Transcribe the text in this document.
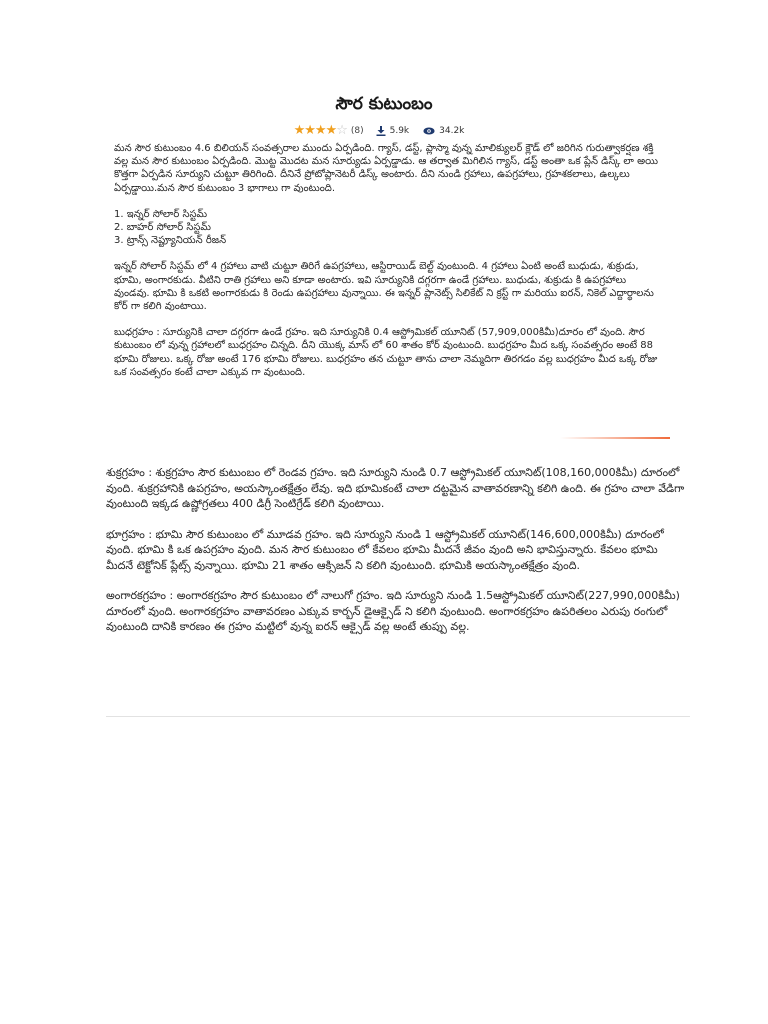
సౌర కుటుంబం
★★★★☆ (8)	5.9k	34.2k

మన సౌర కుటుంబం 4.6 బిలియన్ సంవత్సరాల ముందు ఏర్పడింది. గ్యాస్, డస్ట్, ప్లాస్మా వున్న మాలిక్యులర్ క్లౌడ్ లో జరిగిన గురుత్వాకర్షణ శక్తి వల్ల మన సౌర కుటుంబం ఏర్పడింది. మొట్ట మొదట మన సూర్యుడు ఏర్పడ్డాడు. ఆ తర్వాత మిగిలిన గ్యాస్, డస్ట్ అంతా ఒక ప్లేన్ డిస్క్ లా అయి కొత్తగా ఏర్పడిన సూర్యుని చుట్టూ తిరిగింది. దీనినే ప్రోటోప్లానెటరీ డిస్క్ అంటారు. దీని నుండి గ్రహాలు, ఉపగ్రహాలు, గ్రహశకలాలు, ఉల్కలు ఏర్పడ్డాయి.మన సౌర కుటుంబం 3 భాగాలు గా వుంటుంది.

1. ఇన్నర్ సోలార్ సిస్టమ్
2. బాహర్ సోలార్ సిస్టమ్
3. ట్రాన్స్ నెప్ట్యూనియన్ రీజన్

ఇన్నర్ సోలార్ సిస్టమ్ లో 4 గ్రహాలు వాటి చుట్టూ తిరిగే ఉపగ్రహాలు, ఆస్టిరాయిడ్ బెల్ట్ వుంటుంది. 4 గ్రహాలు ఏంటి అంటే బుధుడు, శుక్రుడు, భూమి, అంగారకుడు. వీటిని రాతి గ్రహాలు అని కూడా అంటారు. ఇవి సూర్యునికి దగ్గరగా ఉండే గ్రహాలు. బుధుడు, శుక్రుడు కి ఉపగ్రహాలు వుండవు. భూమి కి ఒకటి అంగారకుడు కి రెండు ఉపగ్రహాలు వున్నాయి. ఈ ఇన్నర్ ప్లానెట్స్ సిలికేట్ ని క్రస్ట్ గా మరియు ఐరన్, నికెల్ ఎద్దార్థాలను కోర్ గా కలిగి వుంటాయి.

బుధగ్రహం : సూర్యునికి చాలా దగ్గరగా ఉండే గ్రహం. ఇది సూర్యునికి 0.4 ఆస్ట్రోమికల్ యూనిట్ (57,909,000కిమీ)దూరం లో వుంది. సౌర కుటుంబం లో వున్న గ్రహాలలో బుధగ్రహం చిన్నది. దీని యొక్క మాస్ లో 60 శాతం కోర్ వుంటుంది. బుధగ్రహం మీద ఒక్క సంవత్సరం అంటే 88 భూమి రోజులు. ఒక్క రోజు అంటే 176 భూమి రోజులు. బుధగ్రహం తన చుట్టూ తాను చాలా నెమ్మదిగా తిరగడం వల్ల బుధగ్రహం మీద ఒక్క రోజు ఒక సంవత్సరం కంటే చాలా ఎక్కువ గా వుంటుంది.

శుక్రగ్రహం : శుక్రగ్రహం సౌర కుటుంబం లో రెండవ గ్రహం. ఇది సూర్యుని నుండి 0.7 ఆస్ట్రోమికల్ యూనిట్(108,160,000కిమీ) దూరంలో వుంది. శుక్రగ్రహానికి ఉపగ్రహం, అయస్కాంతక్షేత్రం లేవు. ఇది భూమికంటే చాలా దట్టమైన వాతావరణాన్ని కలిగి ఉంది. ఈ గ్రహం చాలా వేడిగా వుంటుంది ఇక్కడ ఉష్ణోగ్రతలు 400 డిగ్రీ సెంటిగ్రేడ్ కలిగి వుంటాయి.

భూగ్రహం : భూమి సౌర కుటుంబం లో మూడవ గ్రహం. ఇది సూర్యుని నుండి 1 ఆస్ట్రోమికల్ యూనిట్(146,600,000కిమీ) దూరంలో వుంది. భూమి కి ఒక ఉపగ్రహం వుంది. మన సౌర కుటుంబం లో కేవలం భూమి మీదనే జీవం వుంది అని భావిస్తున్నారు. కేవలం భూమి మీదనే టెక్టోనిక్ ప్లేట్స్ వున్నాయి. భూమి 21 శాతం ఆక్సిజన్ ని కలిగి వుంటుంది. భూమికి అయస్కాంతక్షేత్రం వుంది.

అంగారకగ్రహం : అంగారకగ్రహం సౌర కుటుంబం లో నాలుగో గ్రహం. ఇది సూర్యుని నుండి 1.5ఆస్ట్రోమికల్ యూనిట్(227,990,000కిమీ) దూరంలో వుంది. అంగారకగ్రహం వాతావరణం ఎక్కువ కార్బన్ డైఆక్సైడ్ ని కలిగి వుంటుంది. అంగారకగ్రహం ఉపరితలం ఎరుపు రంగులో వుంటుంది దానికి కారణం ఈ గ్రహం మట్టిలో వున్న ఐరన్ ఆక్సైడ్ వల్ల అంటే తుప్పు వల్ల.
